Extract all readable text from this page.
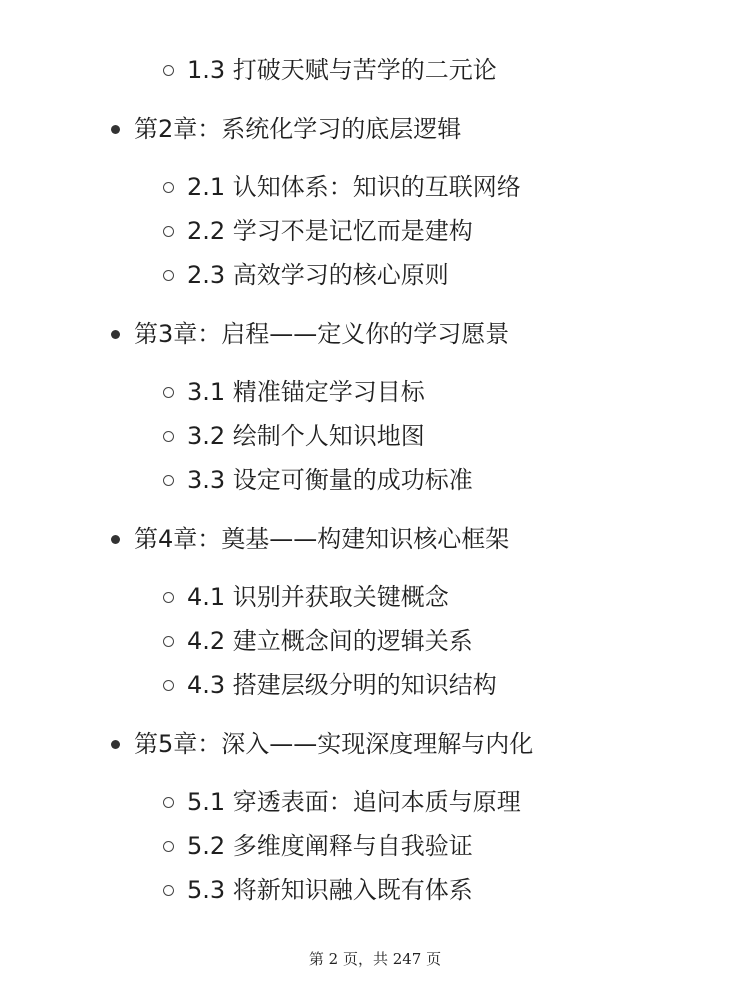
1.3 打破天赋与苦学的二元论
第2章：系统化学习的底层逻辑
2.1 认知体系：知识的互联网络
2.2 学习不是记忆而是建构
2.3 高效学习的核心原则
第3章：启程——定义你的学习愿景
3.1 精准锚定学习目标
3.2 绘制个人知识地图
3.3 设定可衡量的成功标准
第4章：奠基——构建知识核心框架
4.1 识别并获取关键概念
4.2 建立概念间的逻辑关系
4.3 搭建层级分明的知识结构
第5章：深入——实现深度理解与内化
5.1 穿透表面：追问本质与原理
5.2 多维度阐释与自我验证
5.3 将新知识融入既有体系
第 2 页，共 247 页
